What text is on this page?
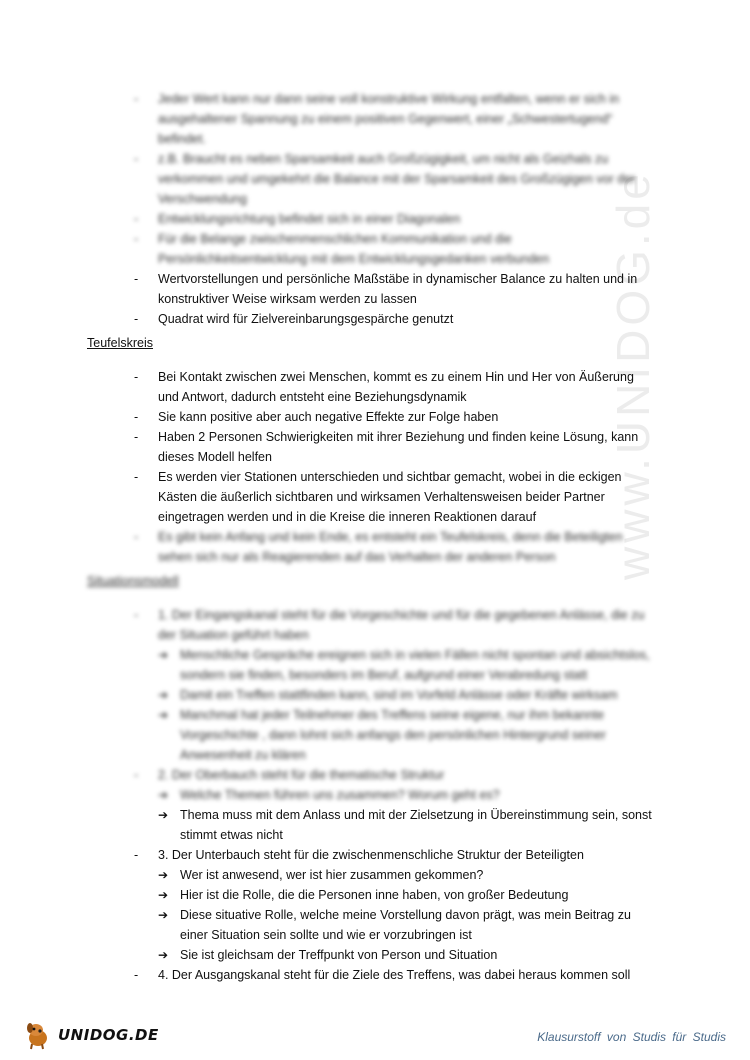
www.UNIDOG.de
- Jeder Wert kann nur dann seine voll konstruktive Wirkung entfalten, wenn er sich in ausgehaltener Spannung zu einem positiven Gegenwert, einer „Schwestertugend“ befindet.
- z.B. Braucht es neben Sparsamkeit auch Großzügigkeit, um nicht als Geizhals zu verkommen und umgekehrt die Balance mit der Sparsamkeit des Großzügigen vor der Verschwendung
- Entwicklungsrichtung befindet sich in einer Diagonalen
- Für die Belange zwischenmenschlichen Kommunikation und die Persönlichkeitsentwicklung mit dem Entwicklungsgedanken verbunden
- Wertvorstellungen und persönliche Maßstäbe in dynamischer Balance zu halten und in konstruktiver Weise wirksam werden zu lassen
- Quadrat wird für Zielvereinbarungsgespärche genutzt
Teufelskreis
- Bei Kontakt zwischen zwei Menschen, kommt es zu einem Hin und Her von Äußerung und Antwort, dadurch entsteht eine Beziehungsdynamik
- Sie kann positive aber auch negative Effekte zur Folge haben
- Haben 2 Personen Schwierigkeiten mit ihrer Beziehung und finden keine Lösung, kann dieses Modell helfen
- Es werden vier Stationen unterschieden und sichtbar gemacht, wobei in die eckigen Kästen die äußerlich sichtbaren und wirksamen Verhaltensweisen beider Partner eingetragen werden und in die Kreise die inneren Reaktionen darauf
- Es gibt kein Anfang und kein Ende, es entsteht ein Teufelskreis, denn die Beteiligten sehen sich nur als Reagierenden auf das Verhalten der anderen Person
Situationsmodell
- 1. Der Eingangskanal steht für die Vorgeschichte und für die gegebenen Anlässe, die zu der Situation geführt haben
➔ Menschliche Gespräche ereignen sich in vielen Fällen nicht spontan und absichtslos, sondern sie finden, besonders im Beruf, aufgrund einer Verabredung statt
➔ Damit ein Treffen stattfinden kann, sind im Vorfeld Anlässe oder Kräfte wirksam
➔ Manchmal hat jeder Teilnehmer des Treffens seine eigene, nur ihm bekannte Vorgeschichte , dann lohnt sich anfangs den persönlichen Hintergrund seiner Anwesenheit zu klären
- 2. Der Oberbauch steht für die thematische Struktur
➔ Welche Themen führen uns zusammen? Worum geht es?
➔ Thema muss mit dem Anlass und mit der Zielsetzung in Übereinstimmung sein, sonst stimmt etwas nicht
- 3. Der Unterbauch steht für die zwischenmenschliche Struktur der Beteiligten
➔ Wer ist anwesend, wer ist hier zusammen gekommen?
➔ Hier ist die Rolle, die die Personen inne haben, von großer Bedeutung
➔ Diese situative Rolle, welche meine Vorstellung davon prägt, was mein Beitrag zu einer Situation sein sollte und wie er vorzubringen ist
➔ Sie ist gleichsam der Treffpunkt von Person und Situation
- 4. Der Ausgangskanal steht für die Ziele des Treffens, was dabei heraus kommen soll
UNIDOG.DE	Klausurstoff von Studis für Studis
